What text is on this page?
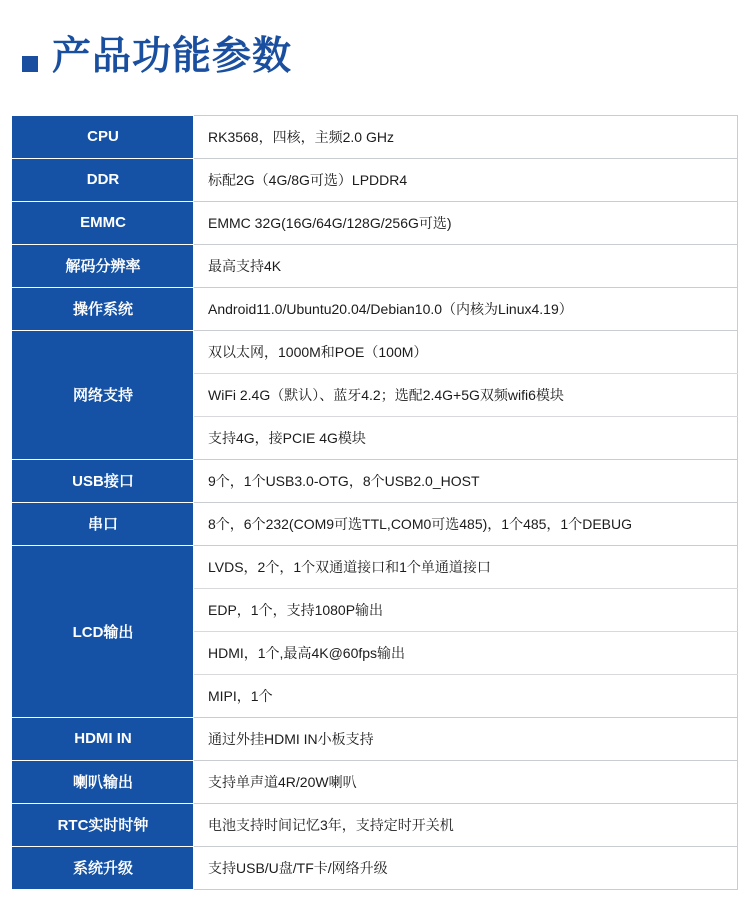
产品功能参数
CPU	RK3568，四核，主频2.0 GHz
DDR	标配2G（4G/8G可选）LPDDR4
EMMC	EMMC 32G(16G/64G/128G/256G可选)
解码分辨率	最高支持4K
操作系统	Android11.0/Ubuntu20.04/Debian10.0（内核为Linux4.19）
网络支持	双以太网，1000M和POE（100M）
	WiFi 2.4G（默认）、蓝牙4.2；选配2.4G+5G双频wifi6模块
	支持4G，接PCIE 4G模块
USB接口	9个，1个USB3.0-OTG，8个USB2.0_HOST
串口	8个，6个232(COM9可选TTL,COM0可选485)，1个485，1个DEBUG
LCD输出	LVDS，2个，1个双通道接口和1个单通道接口
	EDP，1个，支持1080P输出
	HDMI，1个,最高4K@60fps输出
	MIPI，1个
HDMI IN	通过外挂HDMI IN小板支持
喇叭输出	支持单声道4R/20W喇叭
RTC实时时钟	电池支持时间记忆3年，支持定时开关机
系统升级	支持USB/U盘/TF卡/网络升级
